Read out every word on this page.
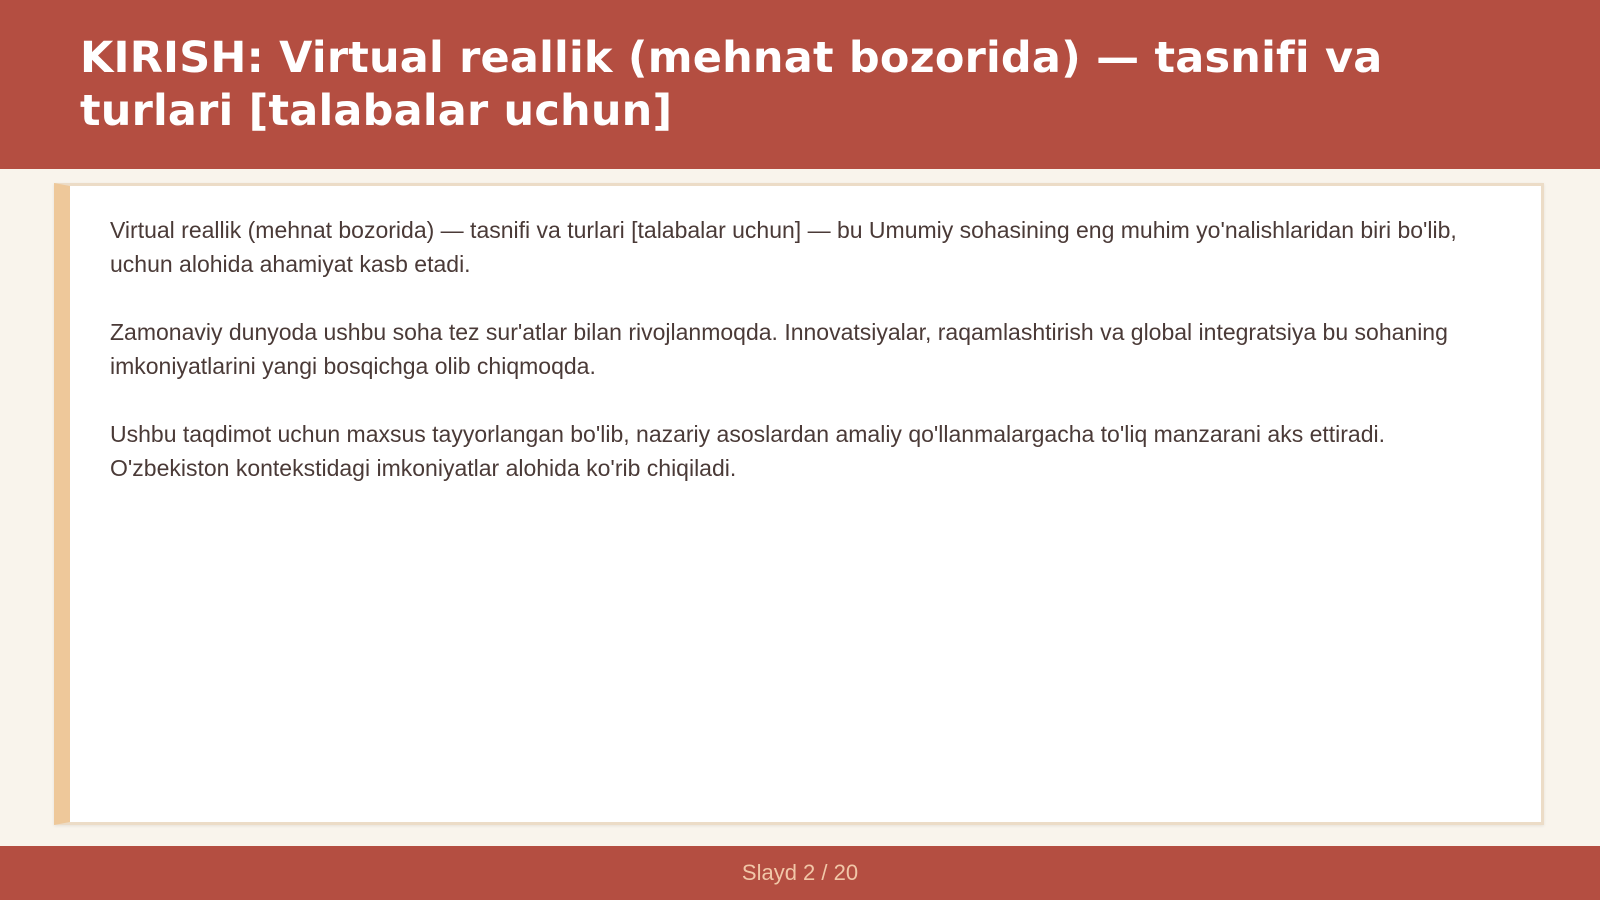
KIRISH: Virtual reallik (mehnat bozorida) — tasnifi va turlari [talabalar uchun]

Virtual reallik (mehnat bozorida) — tasnifi va turlari [talabalar uchun] — bu Umumiy sohasining eng muhim yo'nalishlaridan biri bo'lib, uchun alohida ahamiyat kasb etadi.

Zamonaviy dunyoda ushbu soha tez sur'atlar bilan rivojlanmoqda. Innovatsiyalar, raqamlashtirish va global integratsiya bu sohaning imkoniyatlarini yangi bosqichga olib chiqmoqda.

Ushbu taqdimot uchun maxsus tayyorlangan bo'lib, nazariy asoslardan amaliy qo'llanmalargacha to'liq manzarani aks ettiradi. O'zbekiston kontekstidagi imkoniyatlar alohida ko'rib chiqiladi.

Slayd 2 / 20
